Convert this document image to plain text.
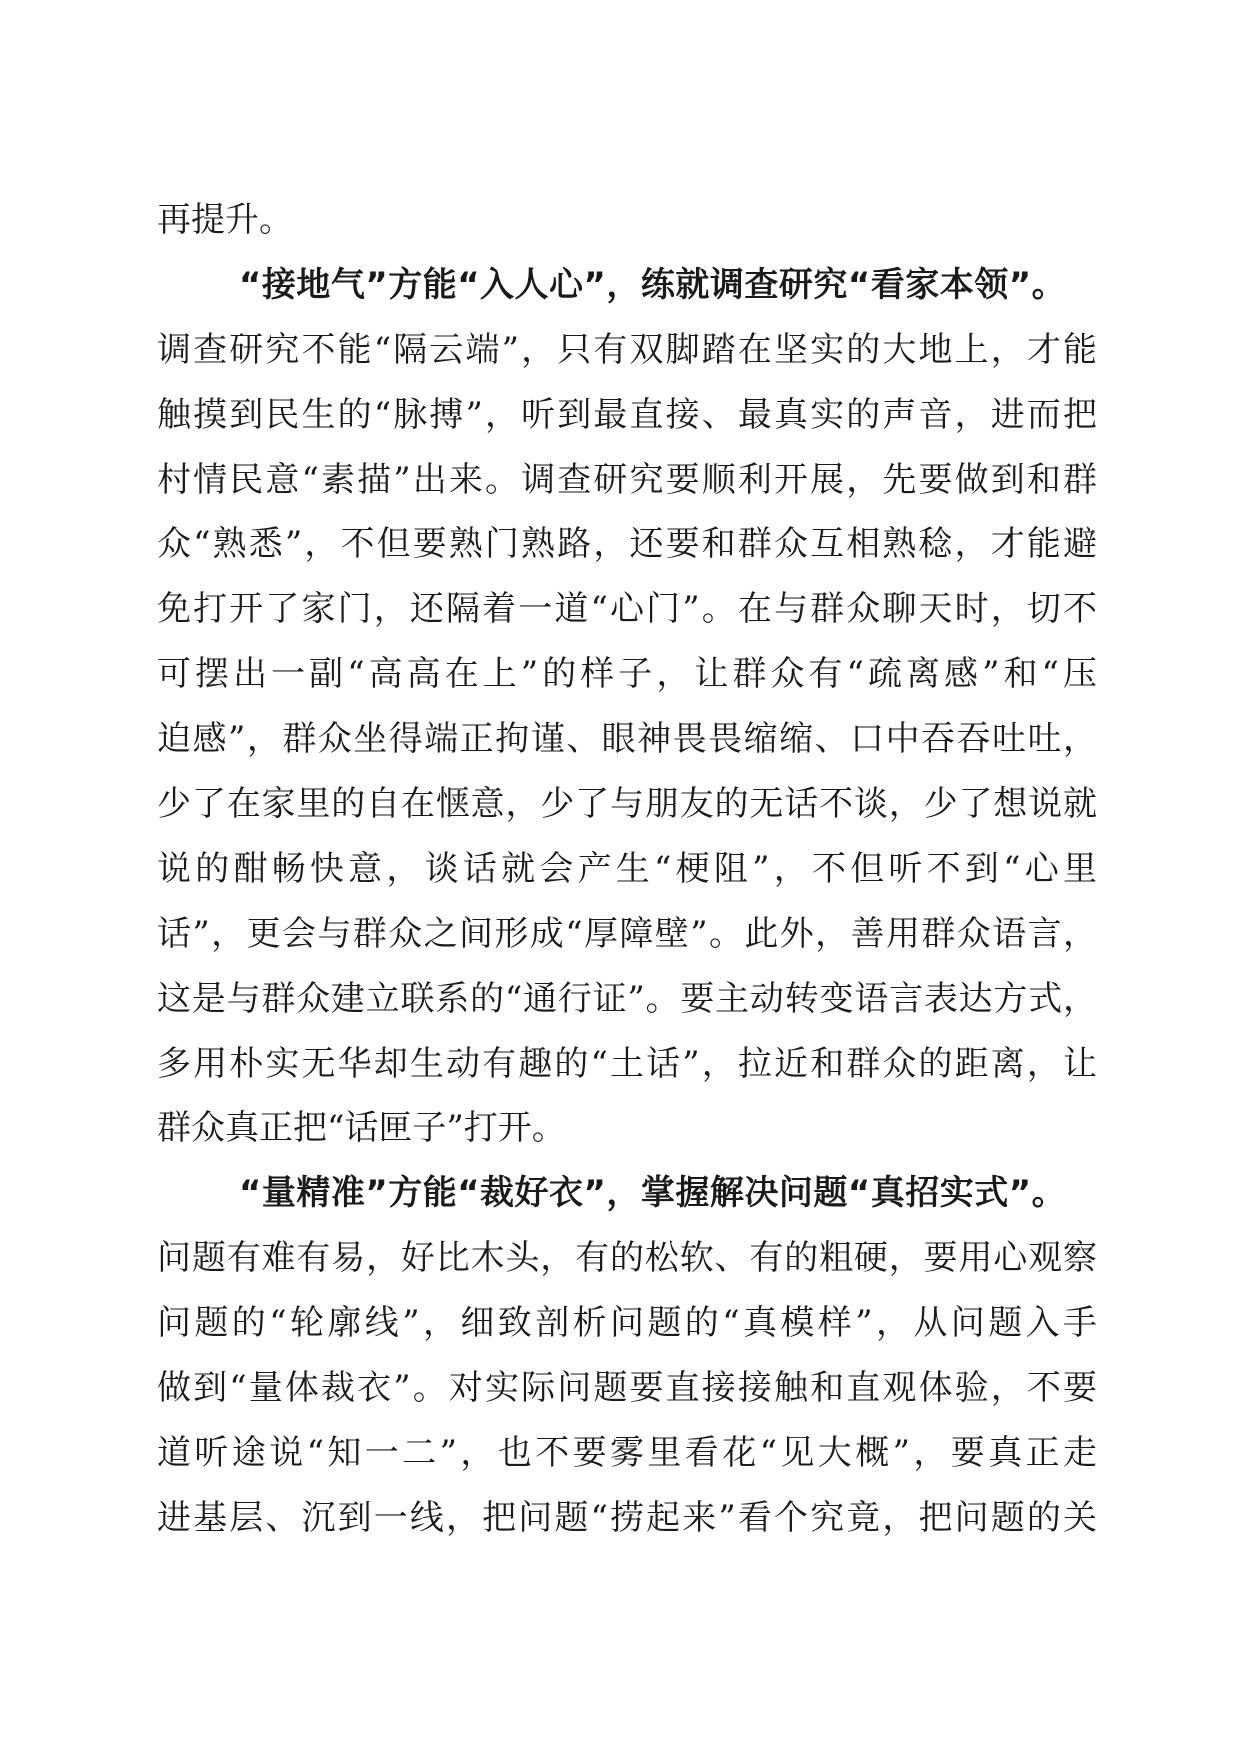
再提升。
“接地气”方能“入人心”，练就调查研究“看家本领”。
调查研究不能“隔云端”，只有双脚踏在坚实的大地上，才能
触摸到民生的“脉搏”，听到最直接、最真实的声音，进而把
村情民意“素描”出来。调查研究要顺利开展，先要做到和群
众“熟悉”，不但要熟门熟路，还要和群众互相熟稔，才能避
免打开了家门，还隔着一道“心门”。在与群众聊天时，切不
可摆出一副“高高在上”的样子，让群众有“疏离感”和“压
迫感”，群众坐得端正拘谨、眼神畏畏缩缩、口中吞吞吐吐，
少了在家里的自在惬意，少了与朋友的无话不谈，少了想说就
说的酣畅快意，谈话就会产生“梗阻”，不但听不到“心里
话”，更会与群众之间形成“厚障壁”。此外，善用群众语言，
这是与群众建立联系的“通行证”。要主动转变语言表达方式，
多用朴实无华却生动有趣的“土话”，拉近和群众的距离，让
群众真正把“话匣子”打开。
“量精准”方能“裁好衣”，掌握解决问题“真招实式”。
问题有难有易，好比木头，有的松软、有的粗硬，要用心观察
问题的“轮廓线”，细致剖析问题的“真模样”，从问题入手
做到“量体裁衣”。对实际问题要直接接触和直观体验，不要
道听途说“知一二”，也不要雾里看花“见大概”，要真正走
进基层、沉到一线，把问题“捞起来”看个究竟，把问题的关
